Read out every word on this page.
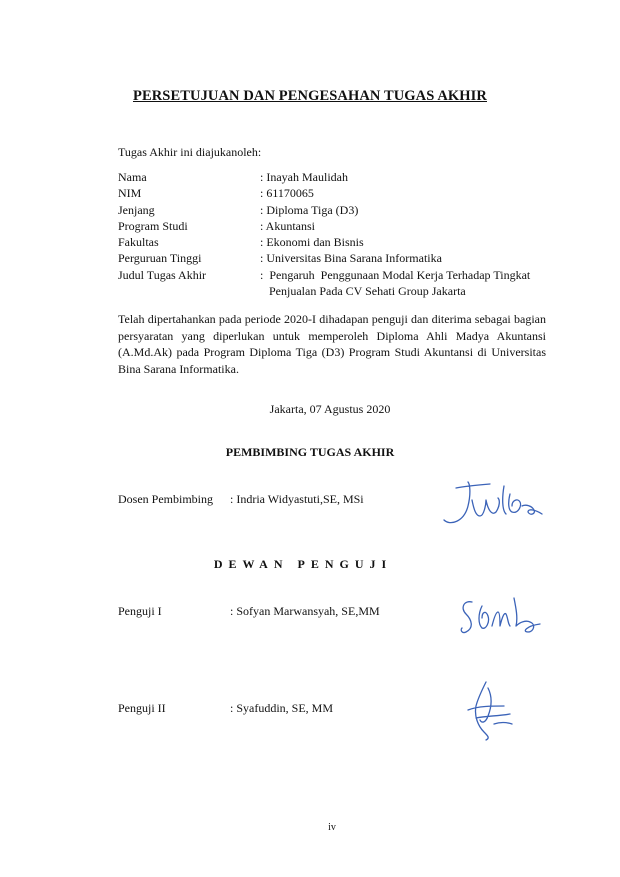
PERSETUJUAN DAN PENGESAHAN TUGAS AKHIR
Tugas Akhir ini diajukanoleh:
Nama	: Inayah Maulidah
NIM	: 61170065
Jenjang	: Diploma Tiga (D3)
Program Studi	: Akuntansi
Fakultas	: Ekonomi dan Bisnis
Perguruan Tinggi	: Universitas Bina Sarana Informatika
Judul Tugas Akhir	:  Pengaruh  Penggunaan Modal Kerja Terhadap Tingkat
Penjualan Pada CV Sehati Group Jakarta
Telah dipertahankan pada periode 2020-I dihadapan penguji dan diterima sebagai bagian persyaratan yang diperlukan untuk memperoleh Diploma Ahli Madya Akuntansi (A.Md.Ak) pada Program Diploma Tiga (D3) Program Studi Akuntansi di Universitas Bina Sarana Informatika.
Jakarta, 07 Agustus 2020
PEMBIMBING TUGAS AKHIR
Dosen Pembimbing	: Indria Widyastuti,SE, MSi
DEWAN PENGUJI
Penguji I	: Sofyan Marwansyah, SE,MM
Penguji II	: Syafuddin, SE, MM
iv
